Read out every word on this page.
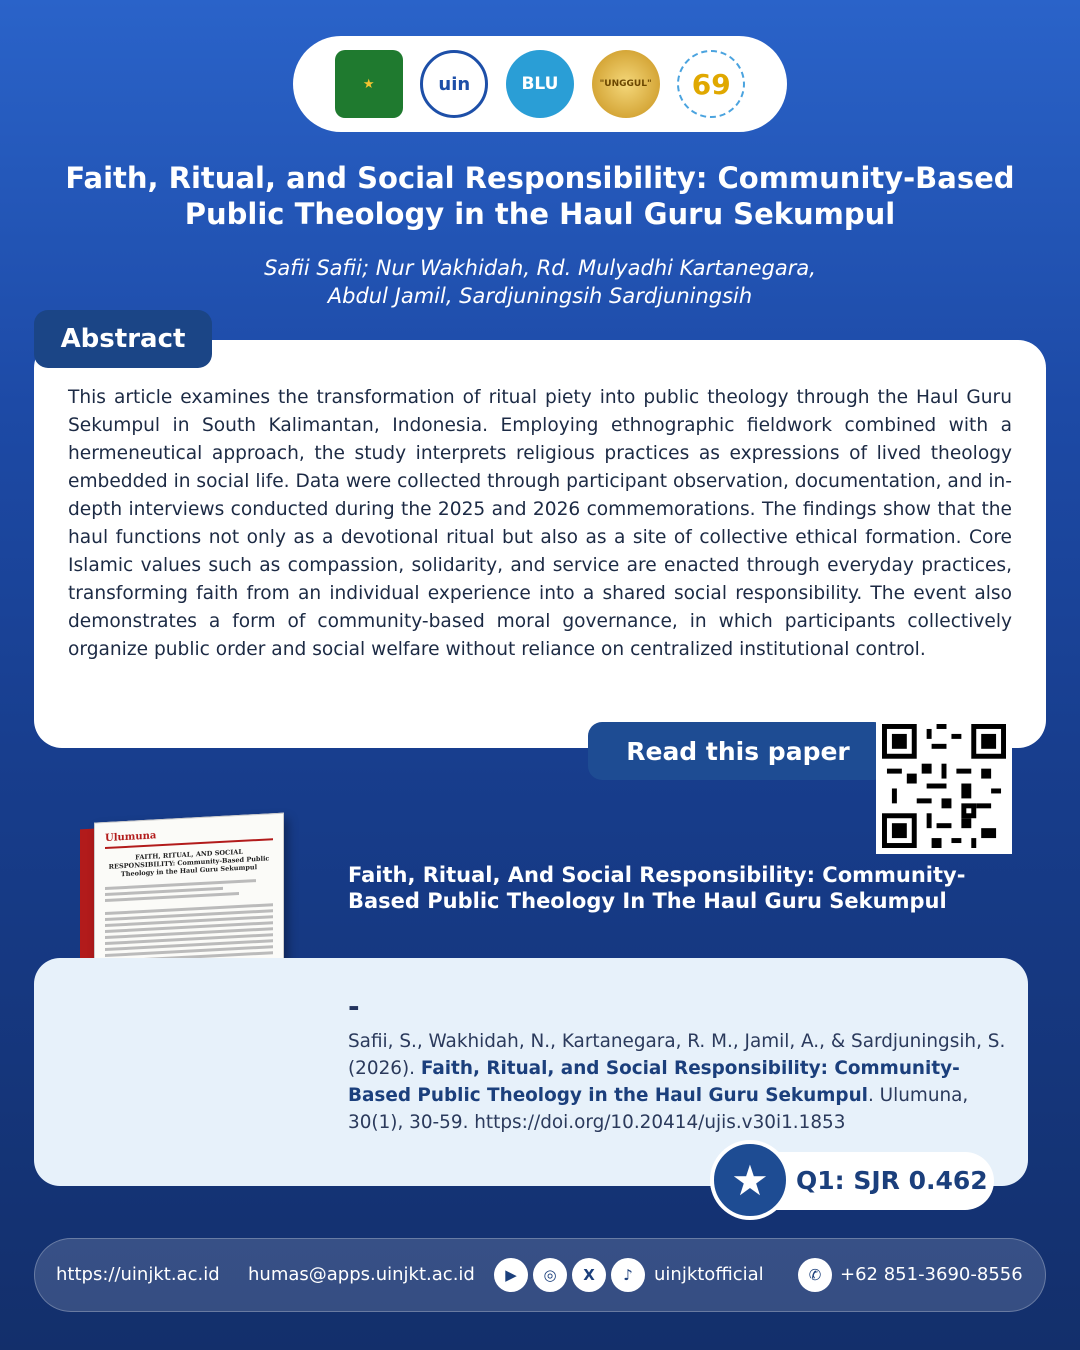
★	uin	BLU	"UNGGUL"	69
Faith, Ritual, and Social Responsibility: Community-Based Public Theology in the Haul Guru Sekumpul
Safii Safii; Nur Wakhidah, Rd. Mulyadhi Kartanegara, Abdul Jamil, Sardjuningsih Sardjuningsih

This article examines the transformation of ritual piety into public theology through the Haul Guru Sekumpul in South Kalimantan, Indonesia. Employing ethnographic fieldwork combined with a hermeneutical approach, the study interprets religious practices as expressions of lived theology embedded in social life. Data were collected through participant observation, documentation, and in-depth interviews conducted during the 2025 and 2026 commemorations. The findings show that the haul functions not only as a devotional ritual but also as a site of collective ethical formation. Core Islamic values such as compassion, solidarity, and service are enacted through everyday practices, transforming faith from an individual experience into a shared social responsibility. The event also demonstrates a form of community-based moral governance, in which participants collectively organize public order and social welfare without reliance on centralized institutional control.

Abstract
Read this paper
Ulumuna
FAITH, RITUAL, AND SOCIAL RESPONSIBILITY: Community-Based Public Theology in the Haul Guru Sekumpul	Faith, Ritual, And Social Responsibility: Community-Based Public Theology In The Haul Guru Sekumpul
-
Safii, S., Wakhidah, N., Kartanegara, R. M., Jamil, A., & Sardjuningsih, S. (2026). Faith, Ritual, and Social Responsibility: Community-Based Public Theology in the Haul Guru Sekumpul. Ulumuna, 30(1), 30-59. https://doi.org/10.20414/ujis.v30i1.1853
★	Q1: SJR 0.462
https://uinjkt.ac.id humas@apps.uinjkt.ac.id	▶	◎	X	♪	uinjktofficial	✆	+62 851-3690-8556
